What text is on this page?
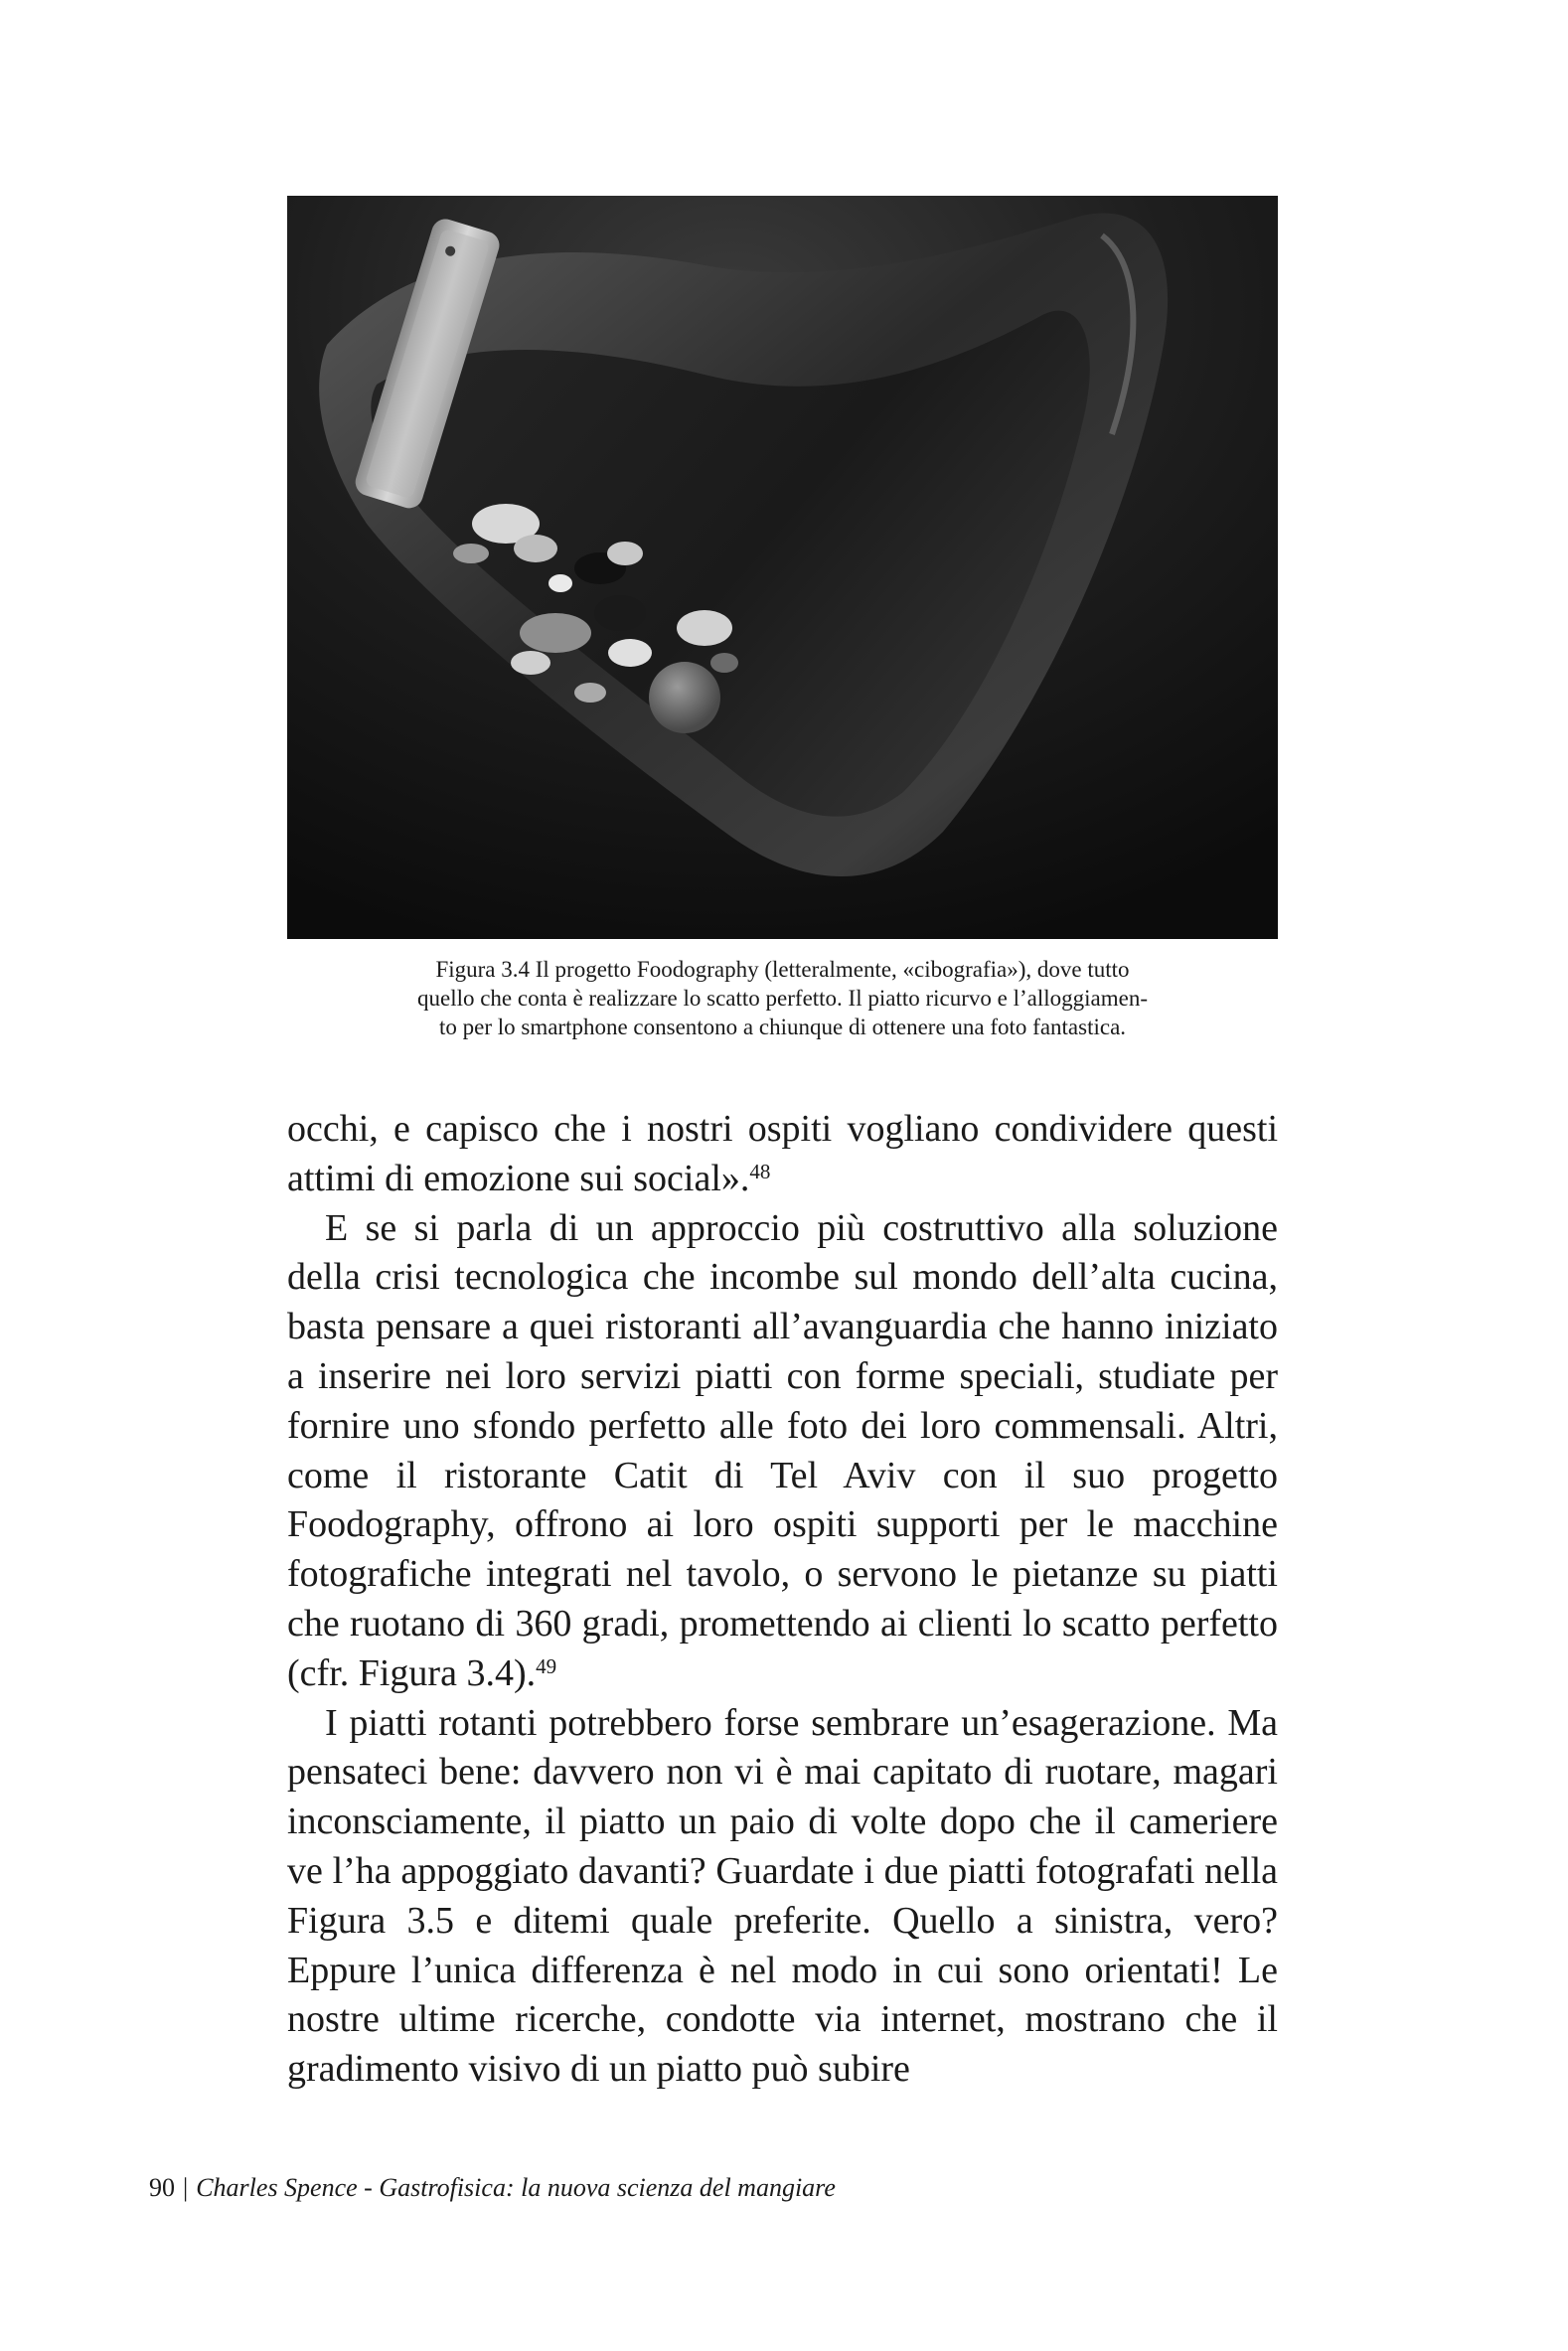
Figura 3.4 Il progetto Foodography (letteralmente, «cibografia»), dove tutto
quello che conta è realizzare lo scatto perfetto. Il piatto ricurvo e l’alloggiamen-
to per lo smartphone consentono a chiunque di ottenere una foto fantastica.

occhi, e capisco che i nostri ospiti vogliano condividere questi attimi di emozione sui social».$^{48}$

E se si parla di un approccio più costruttivo alla soluzione della crisi tecnologica che incombe sul mondo dell’alta cucina, basta pensare a quei ristoranti all’avanguardia che hanno iniziato a inserire nei loro servizi piatti con forme speciali, studiate per fornire uno sfondo perfetto alle foto dei loro commensali. Altri, come il ristorante Catit di Tel Aviv con il suo progetto Foodography, offrono ai loro ospiti supporti per le macchine fotografiche integrati nel tavolo, o servono le pietanze su piatti che ruotano di 360 gradi, promettendo ai clienti lo scatto perfetto (cfr. Figura 3.4).$^{49}$

I piatti rotanti potrebbero forse sembrare un’esagerazione. Ma pensateci bene: davvero non vi è mai capitato di ruotare, magari inconsciamente, il piatto un paio di volte dopo che il cameriere ve l’ha appoggiato davanti? Guardate i due piatti fotografati nella Figura 3.5 e ditemi quale preferite. Quello a sinistra, vero? Eppure l’unica differenza è nel modo in cui sono orientati! Le nostre ultime ricerche, condotte via internet, mostrano che il gradimento visivo di un piatto può subire

90 | Charles Spence - Gastrofisica: la nuova scienza del mangiare
